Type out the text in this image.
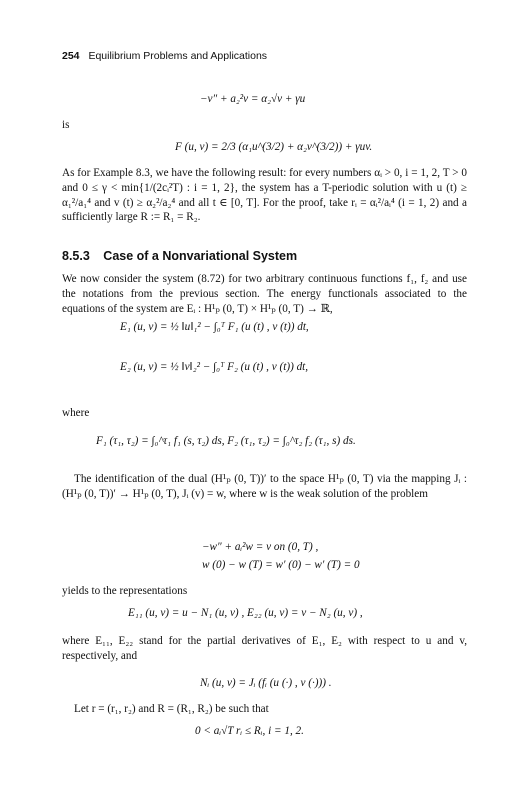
254 Equilibrium Problems and Applications
−v″ + a₂²v = α₂√v + γu
is
F (u, v) = 2/3 (α₁u^(3/2) + α₂v^(3/2)) + γuv.
As for Example 8.3, we have the following result: for every numbers αᵢ > 0, i = 1, 2, T > 0 and 0 ≤ γ < min{1/(2cᵢ²T) : i = 1, 2}, the system has a T-periodic solution with u (t) ≥ α₁²/a₁⁴ and v (t) ≥ α₂²/a₂⁴ and all t ∈ [0, T]. For the proof, take rᵢ = αᵢ²/aᵢ⁴ (i = 1, 2) and a sufficiently large R := R₁ = R₂.
8.5.3 Case of a Nonvariational System
We now consider the system (8.72) for two arbitrary continuous functions f₁, f₂ and use the notations from the previous section. The energy functionals associated to the equations of the system are Eᵢ : H¹ₚ (0, T) × H¹ₚ (0, T) → ℝ,
E₁ (u, v) = ½ ‖u‖₁² − ∫₀ᵀ F₁ (u (t) , v (t)) dt,
E₂ (u, v) = ½ ‖v‖₂² − ∫₀ᵀ F₂ (u (t) , v (t)) dt,
where
F₁ (τ₁, τ₂) = ∫₀^τ₁ f₁ (s, τ₂) ds, F₂ (τ₁, τ₂) = ∫₀^τ₂ f₂ (τ₁, s) ds.
The identification of the dual (H¹ₚ (0, T))′ to the space H¹ₚ (0, T) via the mapping Jᵢ : (H¹ₚ (0, T))′ → H¹ₚ (0, T), Jᵢ (v) = w, where w is the weak solution of the problem
−w″ + aᵢ²w = v on (0, T) ,
w (0) − w (T) = w′ (0) − w′ (T) = 0
yields to the representations
E₁₁ (u, v) = u − N₁ (u, v) , E₂₂ (u, v) = v − N₂ (u, v) ,
where E₁₁, E₂₂ stand for the partial derivatives of E₁, E₂ with respect to u and v, respectively, and
Nᵢ (u, v) = Jᵢ (fᵢ (u (·) , v (·))) .
Let r = (r₁, r₂) and R = (R₁, R₂) be such that
0 < aᵢ√T rᵢ ≤ Rᵢ, i = 1, 2.
